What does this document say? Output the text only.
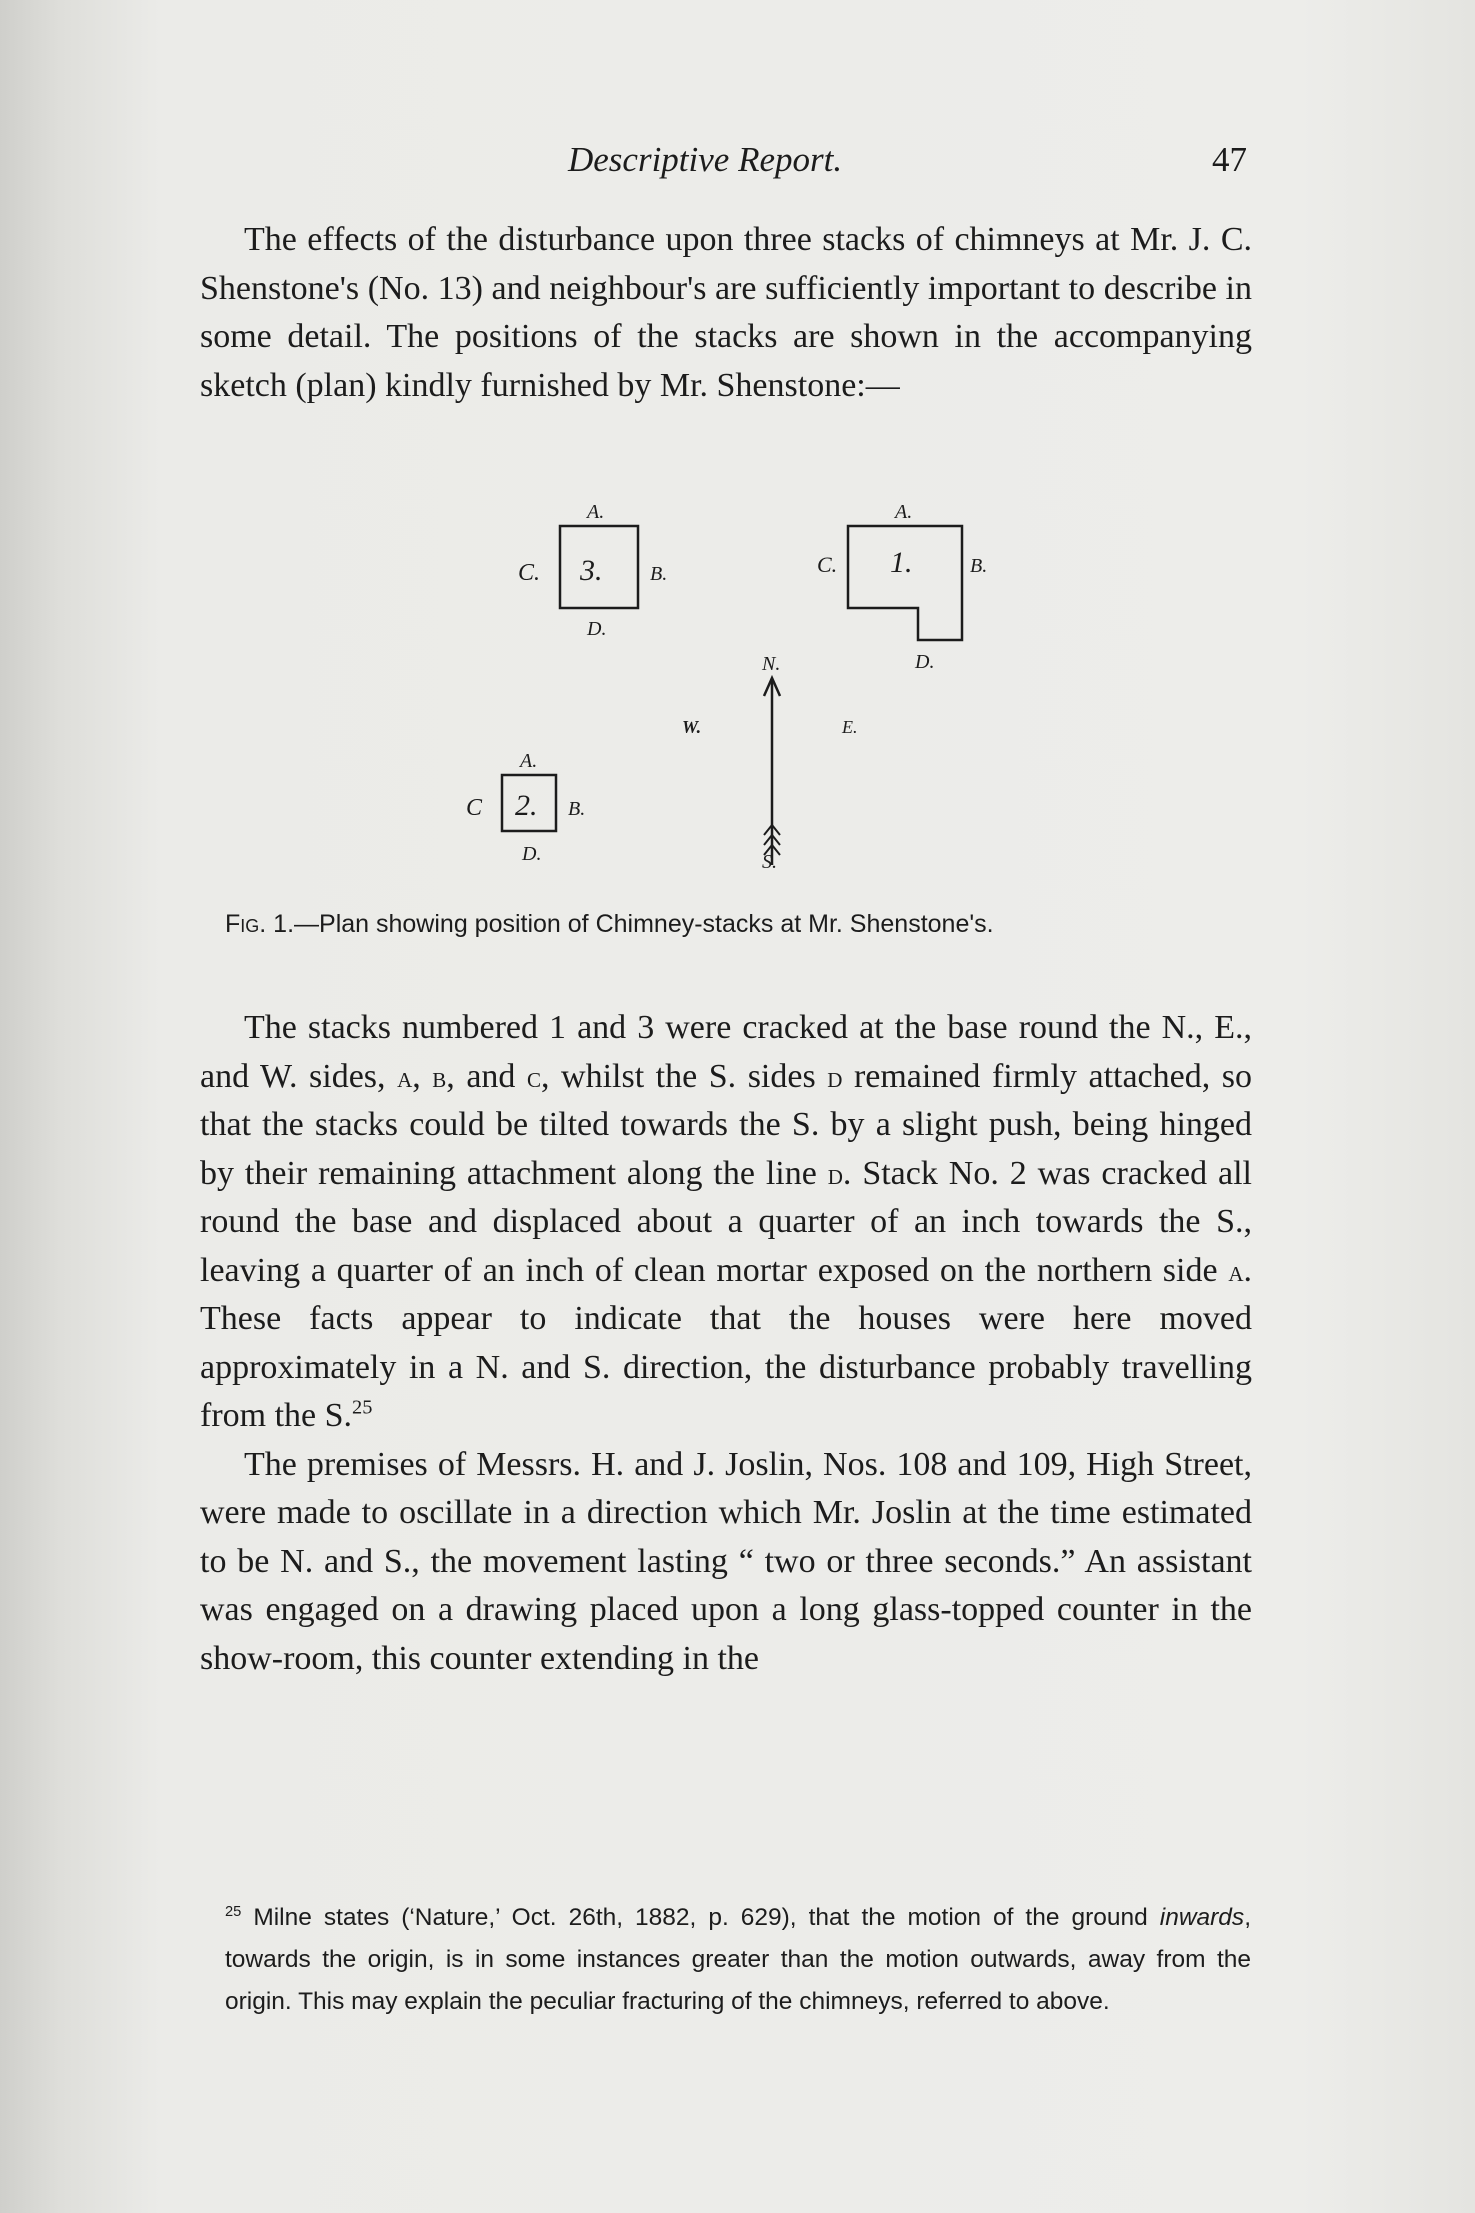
Descriptive Report.	47

The effects of the disturbance upon three stacks of chimneys at Mr. J. C. Shenstone's (No. 13) and neighbour's are sufficiently important to describe in some detail. The positions of the stacks are shown in the accompanying sketch (plan) kindly furnished by Mr. Shenstone:—

3.
A.
B.
C.
D.
1.
A.
B.
C.
D.
2.
A.
B.
C
D.
N.
S.
W.	E.
Fig. 1.—Plan showing position of Chimney-stacks at Mr. Shenstone's.

The stacks numbered 1 and 3 were cracked at the base round the N., E., and W. sides, a, b, and c, whilst the S. sides d remained firmly attached, so that the stacks could be tilted towards the S. by a slight push, being hinged by their remaining attachment along the line d. Stack No. 2 was cracked all round the base and displaced about a quarter of an inch towards the S., leaving a quarter of an inch of clean mortar exposed on the northern side a. These facts appear to indicate that the houses were here moved approximately in a N. and S. direction, the disturbance probably travelling from the S.$^{25}$

The premises of Messrs. H. and J. Joslin, Nos. 108 and 109, High Street, were made to oscillate in a direction which Mr. Joslin at the time estimated to be N. and S., the movement lasting “ two or three seconds.” An assistant was engaged on a drawing placed upon a long glass-topped counter in the show-room, this counter extending in the

$^{25}$ Milne states (‘Nature,’ Oct. 26th, 1882, p. 629), that the motion of the ground inwards, towards the origin, is in some instances greater than the motion outwards, away from the origin. This may explain the peculiar fracturing of the chimneys, referred to above.
